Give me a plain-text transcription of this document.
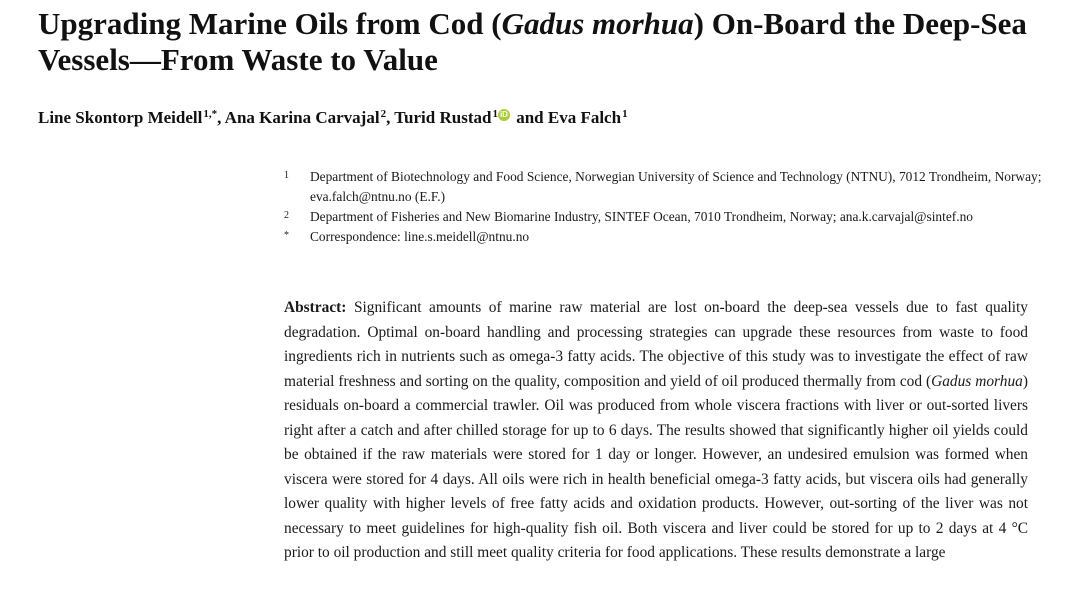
Upgrading Marine Oils from Cod (Gadus morhua) On-Board the Deep-Sea Vessels—From Waste to Value
Line Skontorp Meidell$^{1,*}$, Ana Karina Carvajal$^2$, Turid Rustad$^1$ iD and Eva Falch$^1$
1	Department of Biotechnology and Food Science, Norwegian University of Science and Technology (NTNU), 7012 Trondheim, Norway; eva.falch@ntnu.no (E.F.)
2	Department of Fisheries and New Biomarine Industry, SINTEF Ocean, 7010 Trondheim, Norway; ana.k.carvajal@sintef.no
*	Correspondence: line.s.meidell@ntnu.no

Abstract: Significant amounts of marine raw material are lost on-board the deep-sea vessels due to fast quality degradation. Optimal on-board handling and processing strategies can upgrade these resources from waste to food ingredients rich in nutrients such as omega-3 fatty acids. The objective of this study was to investigate the effect of raw material freshness and sorting on the quality, composition and yield of oil produced thermally from cod (Gadus morhua) residuals on-board a commercial trawler. Oil was produced from whole viscera fractions with liver or out-sorted livers right after a catch and after chilled storage for up to 6 days. The results showed that significantly higher oil yields could be obtained if the raw materials were stored for 1 day or longer. However, an undesired emulsion was formed when viscera were stored for 4 days. All oils were rich in health beneficial omega-3 fatty acids, but viscera oils had generally lower quality with higher levels of free fatty acids and oxidation products. However, out-sorting of the liver was not necessary to meet guidelines for high-quality fish oil. Both viscera and liver could be stored for up to 2 days at 4 °C prior to oil production and still meet quality criteria for food applications. These results demonstrate a large
